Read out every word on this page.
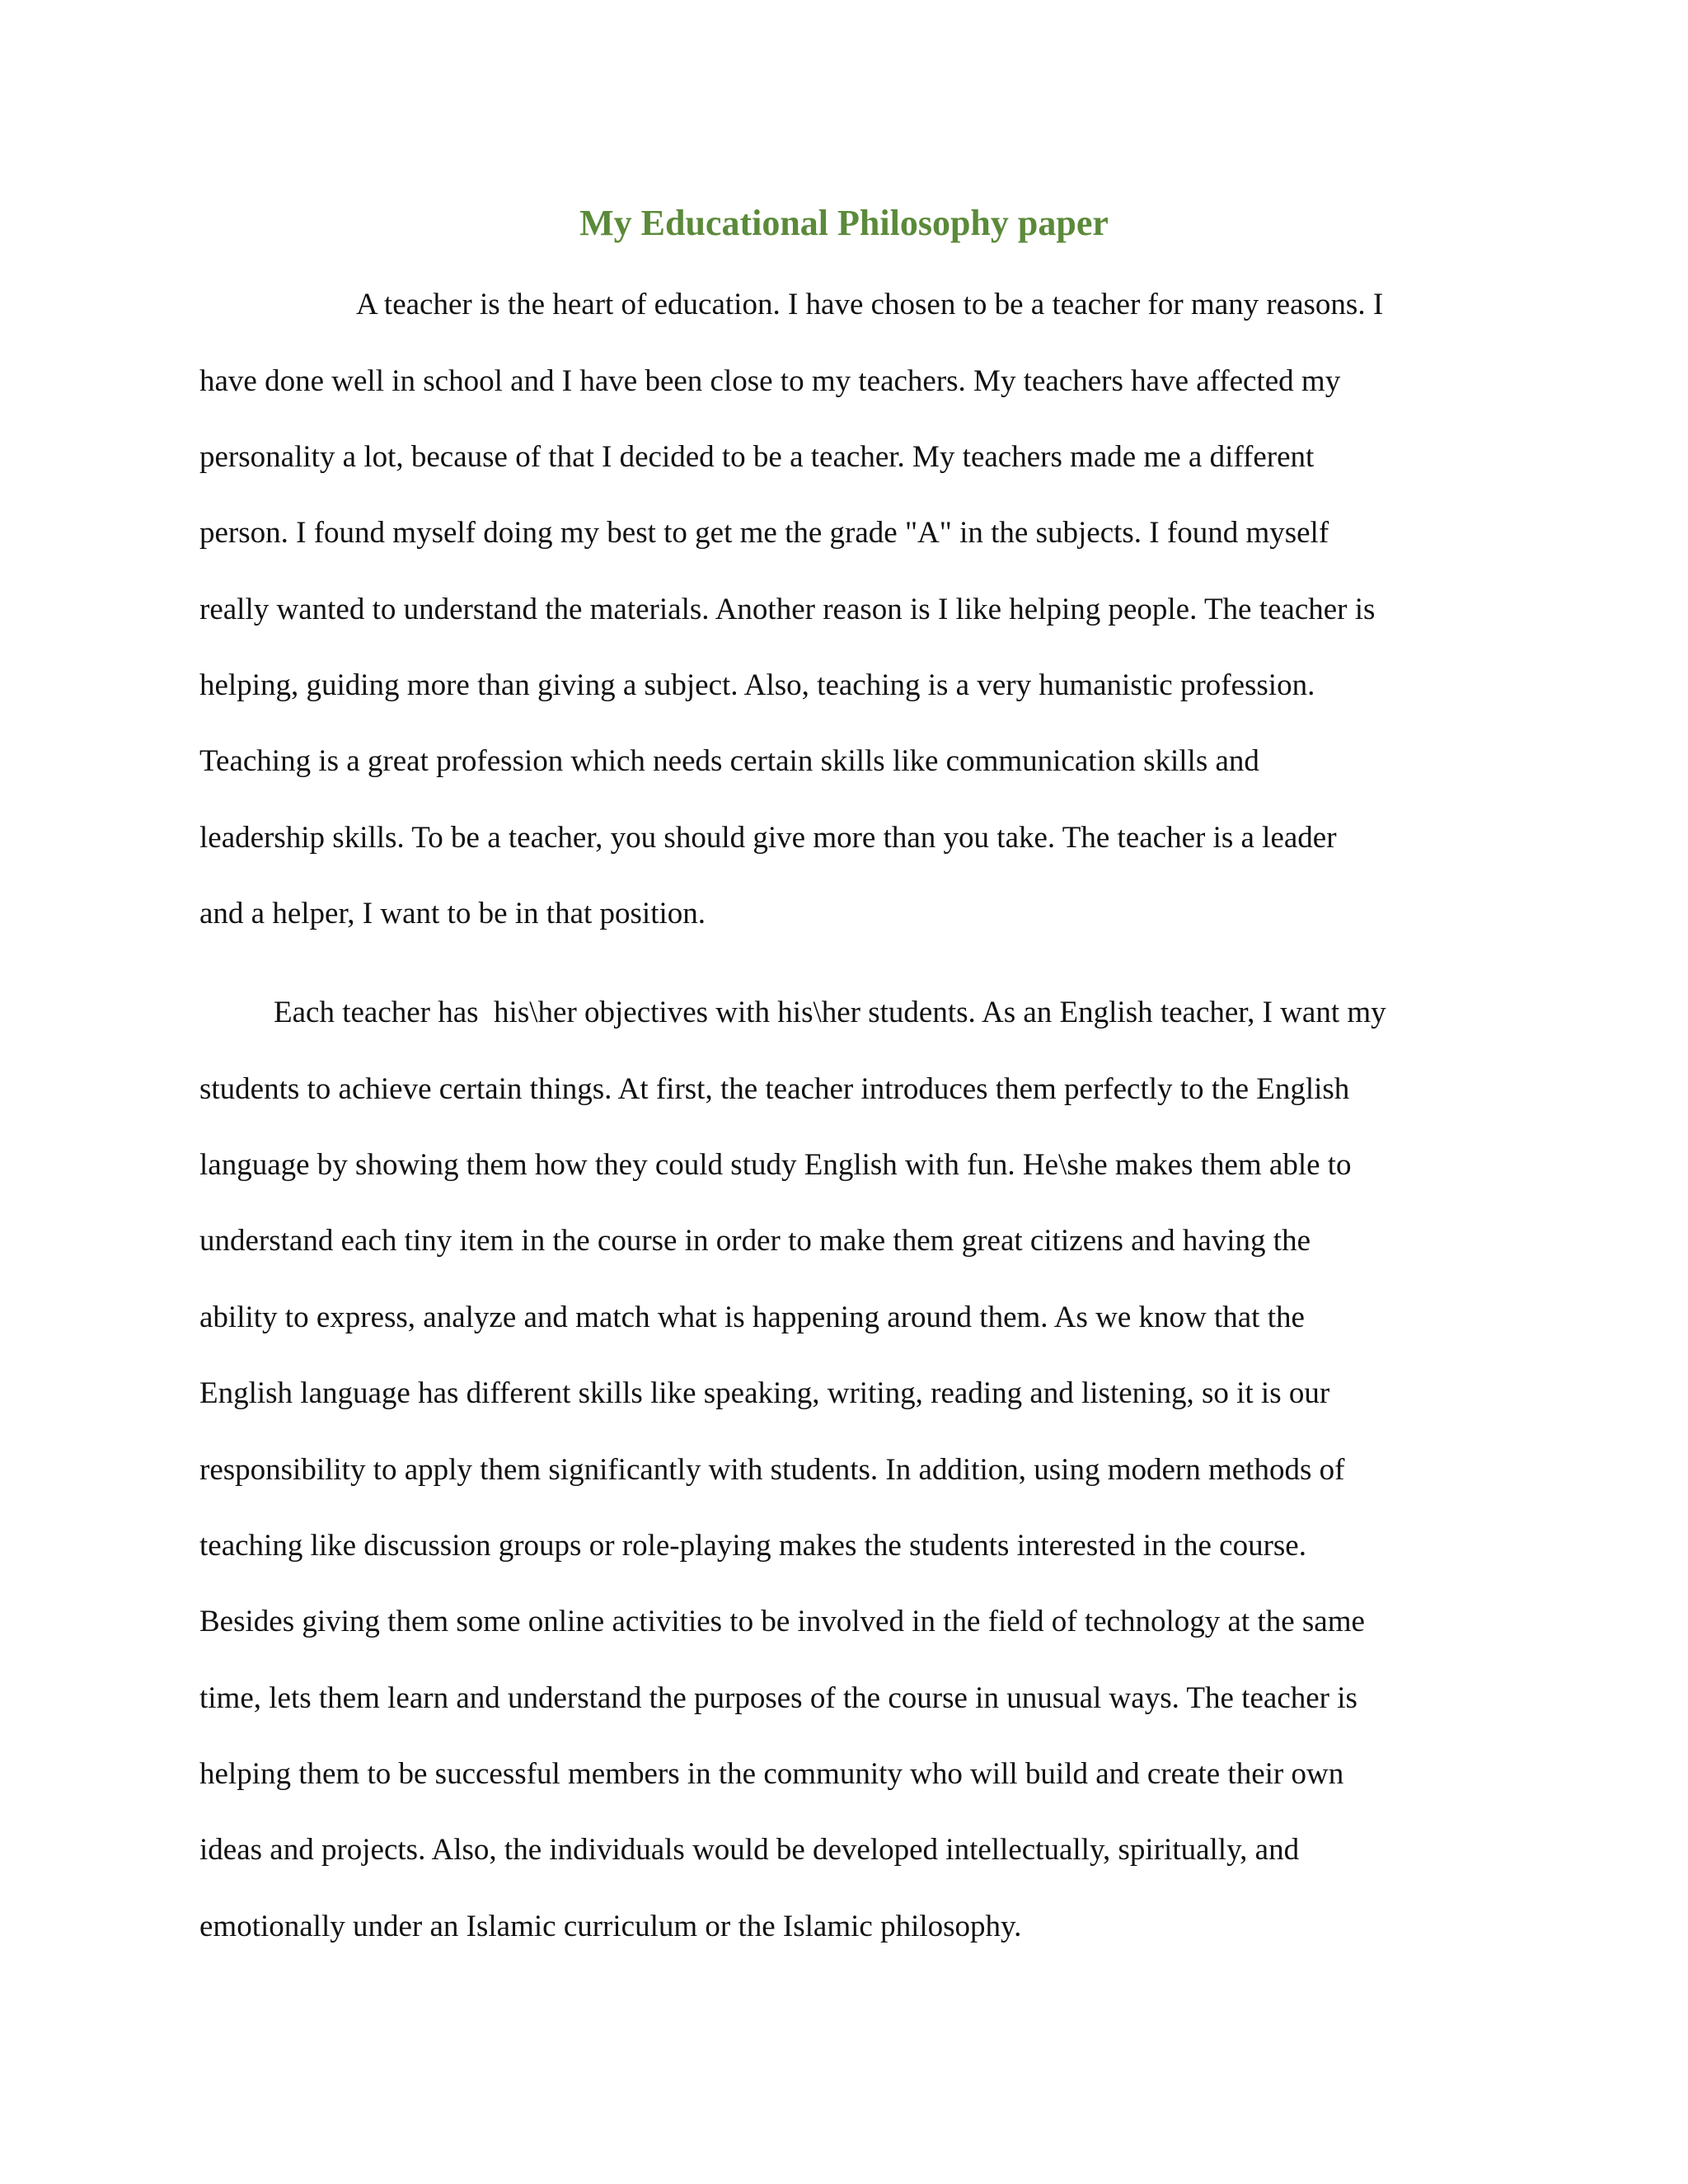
My Educational Philosophy paper
A teacher is the heart of education. I have chosen to be a teacher for many reasons. I
have done well in school and I have been close to my teachers. My teachers have affected my
personality a lot, because of that I decided to be a teacher. My teachers made me a different
person. I found myself doing my best to get me the grade "A" in the subjects. I found myself
really wanted to understand the materials. Another reason is I like helping people. The teacher is
helping, guiding more than giving a subject. Also, teaching is a very humanistic profession.
Teaching is a great profession which needs certain skills like communication skills and
leadership skills. To be a teacher, you should give more than you take. The teacher is a leader
and a helper, I want to be in that position.
Each teacher has  his\her objectives with his\her students. As an English teacher, I want my
students to achieve certain things. At first, the teacher introduces them perfectly to the English
language by showing them how they could study English with fun. He\she makes them able to
understand each tiny item in the course in order to make them great citizens and having the
ability to express, analyze and match what is happening around them. As we know that the
English language has different skills like speaking, writing, reading and listening, so it is our
responsibility to apply them significantly with students. In addition, using modern methods of
teaching like discussion groups or role-playing makes the students interested in the course.
Besides giving them some online activities to be involved in the field of technology at the same
time, lets them learn and understand the purposes of the course in unusual ways. The teacher is
helping them to be successful members in the community who will build and create their own
ideas and projects. Also, the individuals would be developed intellectually, spiritually, and
emotionally under an Islamic curriculum or the Islamic philosophy.
